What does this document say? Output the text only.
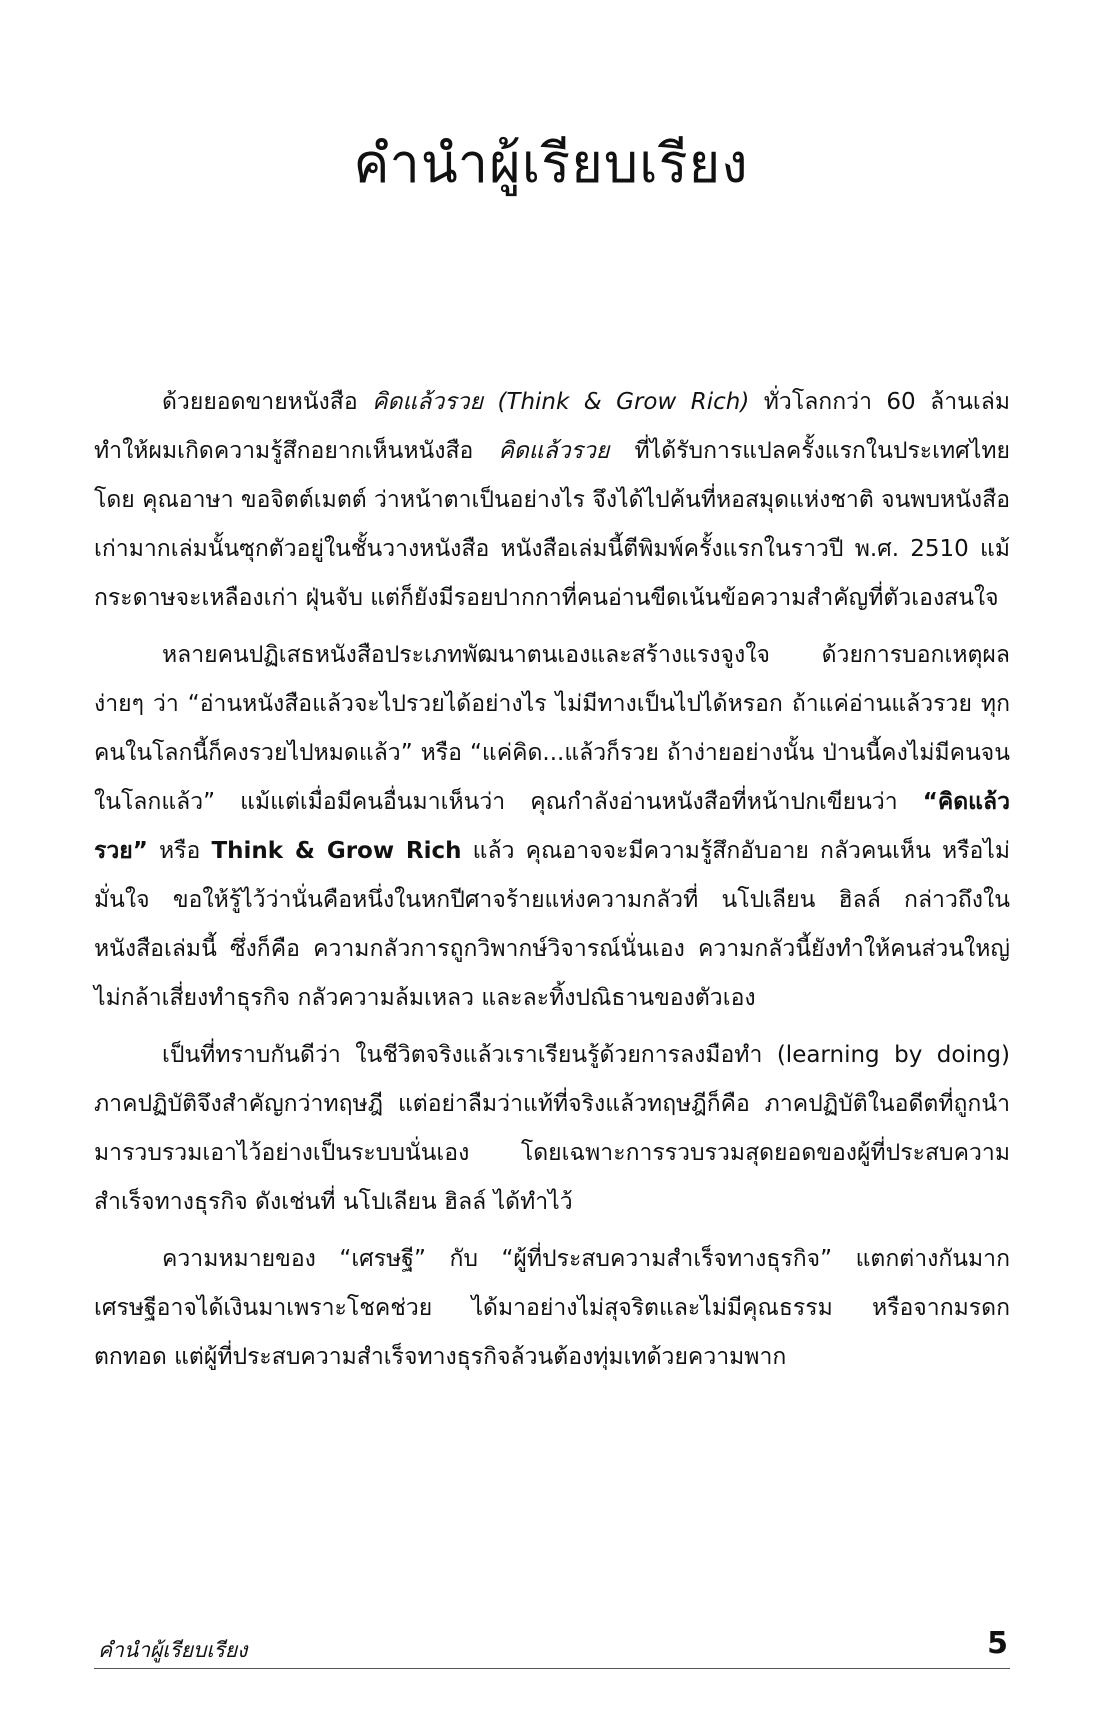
คำนำผู้เรียบเรียง

ด้วยยอดขายหนังสือ คิดแล้วรวย (Think & Grow Rich) ทั่วโลกกว่า 60 ล้านเล่ม ทำให้ผมเกิดความรู้สึกอยากเห็นหนังสือ คิดแล้วรวย ที่ได้รับการแปลครั้งแรกในประเทศไทยโดย คุณอาษา ขอจิตต์เมตต์ ว่าหน้าตาเป็นอย่างไร จึงได้ไปค้นที่หอสมุดแห่งชาติ จนพบหนังสือเก่ามากเล่มนั้นซุกตัวอยู่ในชั้นวางหนังสือ หนังสือเล่มนี้ตีพิมพ์ครั้งแรกในราวปี พ.ศ. 2510 แม้กระดาษจะเหลืองเก่า ฝุ่นจับ แต่ก็ยังมีรอยปากกาที่คนอ่านขีดเน้นข้อความสำคัญที่ตัวเองสนใจ

หลายคนปฏิเสธหนังสือประเภทพัฒนาตนเองและสร้างแรงจูงใจ ด้วยการบอกเหตุผลง่ายๆ ว่า “อ่านหนังสือแล้วจะไปรวยได้อย่างไร ไม่มีทางเป็นไปได้หรอก ถ้าแค่อ่านแล้วรวย ทุกคนในโลกนี้ก็คงรวยไปหมดแล้ว” หรือ “แค่คิด...แล้วก็รวย ถ้าง่ายอย่างนั้น ป่านนี้คงไม่มีคนจนในโลกแล้ว” แม้แต่เมื่อมีคนอื่นมาเห็นว่า คุณกำลังอ่านหนังสือที่หน้าปกเขียนว่า “คิดแล้วรวย” หรือ Think & Grow Rich แล้ว คุณอาจจะมีความรู้สึกอับอาย กลัวคนเห็น หรือไม่มั่นใจ ขอให้รู้ไว้ว่านั่นคือหนึ่งในหกปีศาจร้ายแห่งความกลัวที่ นโปเลียน ฮิลล์ กล่าวถึงในหนังสือเล่มนี้ ซึ่งก็คือ ความกลัวการถูกวิพากษ์วิจารณ์นั่นเอง ความกลัวนี้ยังทำให้คนส่วนใหญ่ไม่กล้าเสี่ยงทำธุรกิจ กลัวความล้มเหลว และละทิ้งปณิธานของตัวเอง

เป็นที่ทราบกันดีว่า ในชีวิตจริงแล้วเราเรียนรู้ด้วยการลงมือทำ (learning by doing) ภาคปฏิบัติจึงสำคัญกว่าทฤษฎี แต่อย่าลืมว่าแท้ที่จริงแล้วทฤษฎีก็คือ ภาคปฏิบัติในอดีตที่ถูกนำมารวบรวมเอาไว้อย่างเป็นระบบนั่นเอง โดยเฉพาะการรวบรวมสุดยอดของผู้ที่ประสบความสำเร็จทางธุรกิจ ดังเช่นที่ นโปเลียน ฮิลล์ ได้ทำไว้

ความหมายของ “เศรษฐี” กับ “ผู้ที่ประสบความสำเร็จทางธุรกิจ” แตกต่างกันมาก เศรษฐีอาจได้เงินมาเพราะโชคช่วย ได้มาอย่างไม่สุจริตและไม่มีคุณธรรม หรือจากมรดกตกทอด แต่ผู้ที่ประสบความสำเร็จทางธุรกิจล้วนต้องทุ่มเทด้วยความพาก

คำนำผู้เรียบเรียง	5
